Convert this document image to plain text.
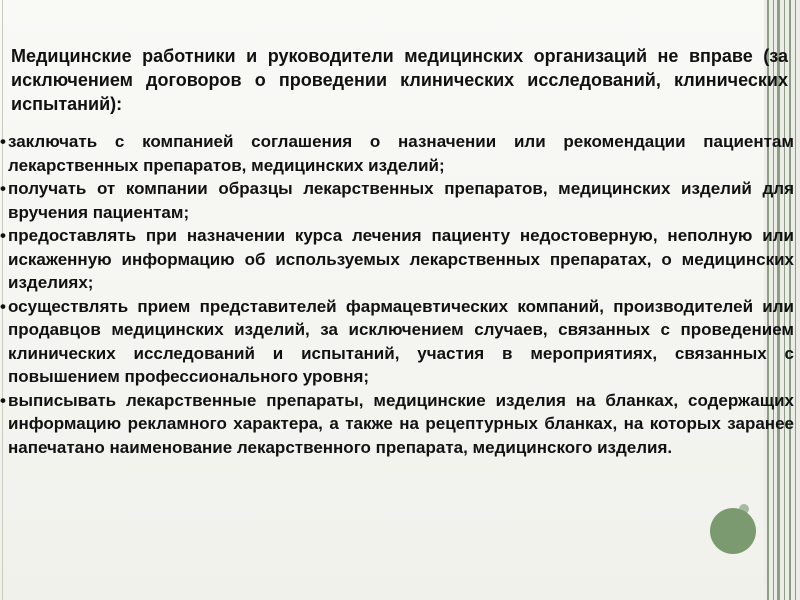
Медицинские работники и руководители медицинских организаций не вправе (за исключением договоров о проведении клинических исследований, клинических испытаний):

• заключать с компанией соглашения о назначении или рекомендации пациентам лекарственных препаратов, медицинских изделий;
• получать от компании образцы лекарственных препаратов, медицинских изделий для вручения пациентам;
• предоставлять при назначении курса лечения пациенту недостоверную, неполную или искаженную информацию об используемых лекарственных препаратах, о медицинских изделиях;
• осуществлять прием представителей фармацевтических компаний, производителей или продавцов медицинских изделий, за исключением случаев, связанных с проведением клинических исследований и испытаний, участия в мероприятиях, связанных с повышением профессионального уровня;
• выписывать лекарственные препараты, медицинские изделия на бланках, содержащих информацию рекламного характера, а также на рецептурных бланках, на которых заранее напечатано наименование лекарственного препарата, медицинского изделия.
